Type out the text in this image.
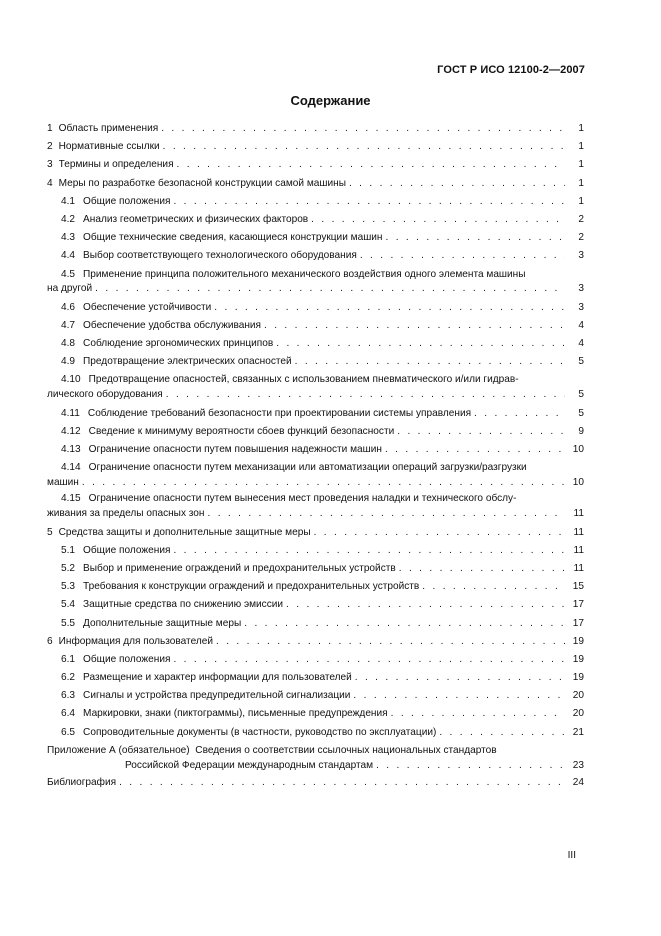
ГОСТ Р ИСО 12100-2—2007
Содержание
1 Область применения . . .	1
2 Нормативные ссылки . . .	1
3 Термины и определения . . .	1
4 Меры по разработке безопасной конструкции самой машины . . .	1
4.1 Общие положения . . .	1
4.2 Анализ геометрических и физических факторов . . .	2
4.3 Общие технические сведения, касающиеся конструкции машин . . .	2
4.4 Выбор соответствующего технологического оборудования . . .	3
4.5 Применение принципа положительного механического воздействия одного элемента машины
на другой . . .	3
4.6 Обеспечение устойчивости . . .	3
4.7 Обеспечение удобства обслуживания . . .	4
4.8 Соблюдение эргономических принципов . . .	4
4.9 Предотвращение электрических опасностей . . .	5
4.10 Предотвращение опасностей, связанных с использованием пневматического и/или гидрав-
лического оборудования . . .	5
4.11 Соблюдение требований безопасности при проектировании системы управления . . .	5
4.12 Сведение к минимуму вероятности сбоев функций безопасности . . .	9
4.13 Ограничение опасности путем повышения надежности машин . . .	10
4.14 Ограничение опасности путем механизации или автоматизации операций загрузки/разгрузки
машин . . .	10
4.15 Ограничение опасности путем вынесения мест проведения наладки и технического обслу-
живания за пределы опасных зон . . .	11
5 Средства защиты и дополнительные защитные меры . . .	11
5.1 Общие положения . . .	11
5.2 Выбор и применение ограждений и предохранительных устройств . . .	11
5.3 Требования к конструкции ограждений и предохранительных устройств . . .	15
5.4 Защитные средства по снижению эмиссии . . .	17
5.5 Дополнительные защитные меры . . .	17
6 Информация для пользователей . . .	19
6.1 Общие положения . . .	19
6.2 Размещение и характер информации для пользователей . . .	19
6.3 Сигналы и устройства предупредительной сигнализации . . .	20
6.4 Маркировки, знаки (пиктограммы), письменные предупреждения . . .	20
6.5 Сопроводительные документы (в частности, руководство по эксплуатации) . . .	21
Приложение А (обязательное) Сведения о соответствии ссылочных национальных стандартов
Российской Федерации международным стандартам . . .	23
Библиография . . .	24
III
